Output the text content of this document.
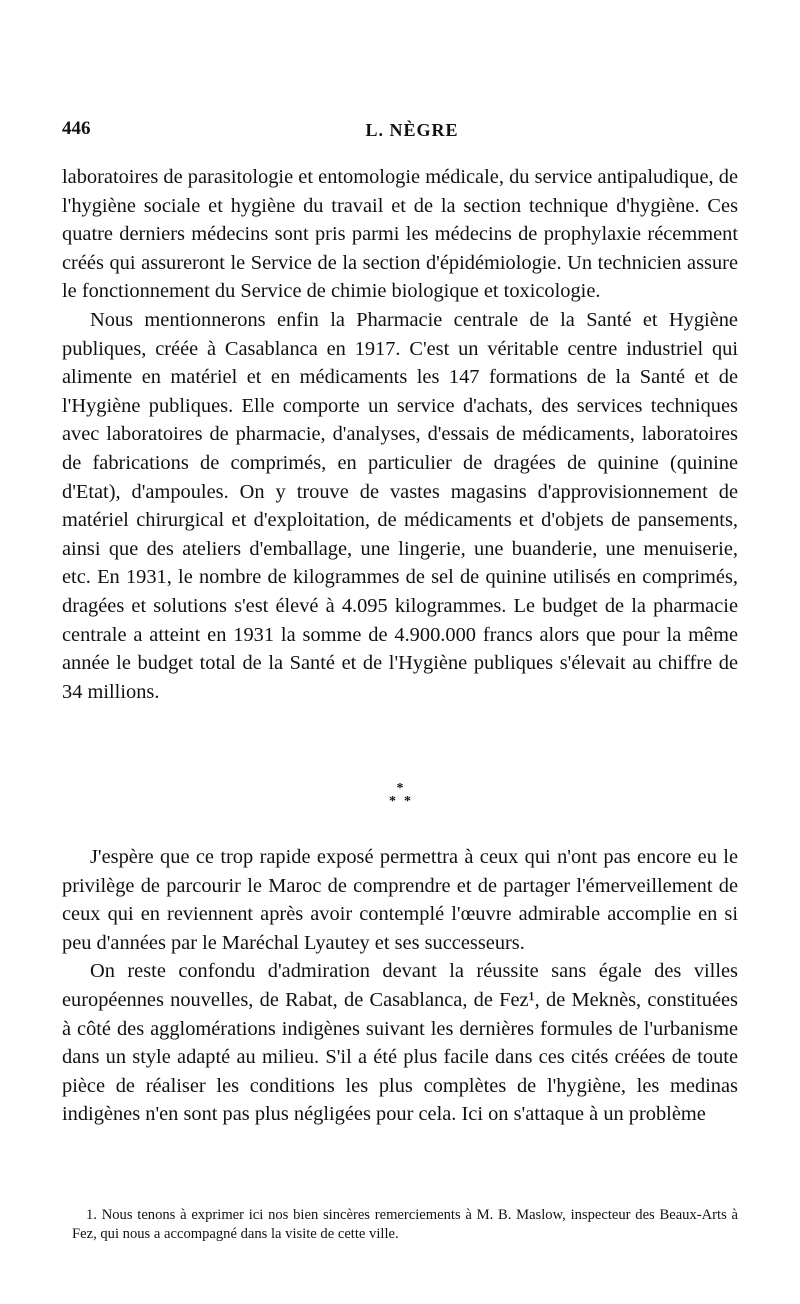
446	L. NÈGRE

laboratoires de parasitologie et entomologie médicale, du service antipaludique, de l'hygiène sociale et hygiène du travail et de la section technique d'hygiène. Ces quatre derniers médecins sont pris parmi les médecins de prophylaxie récemment créés qui assureront le Service de la section d'épidémiologie. Un technicien assure le fonctionnement du Service de chimie biologique et toxicologie.

Nous mentionnerons enfin la Pharmacie centrale de la Santé et Hygiène publiques, créée à Casablanca en 1917. C'est un véritable centre industriel qui alimente en matériel et en médicaments les 147 formations de la Santé et de l'Hygiène publiques. Elle comporte un service d'achats, des services techniques avec laboratoires de pharmacie, d'analyses, d'essais de médicaments, laboratoires de fabrications de comprimés, en particulier de dragées de quinine (quinine d'Etat), d'ampoules. On y trouve de vastes magasins d'approvisionnement de matériel chirurgical et d'exploitation, de médicaments et d'objets de pansements, ainsi que des ateliers d'emballage, une lingerie, une buanderie, une menuiserie, etc. En 1931, le nombre de kilogrammes de sel de quinine utilisés en comprimés, dragées et solutions s'est élevé à 4.095 kilogrammes. Le budget de la pharmacie centrale a atteint en 1931 la somme de 4.900.000 francs alors que pour la même année le budget total de la Santé et de l'Hygiène publiques s'élevait au chiffre de 34 millions.

*
**

J'espère que ce trop rapide exposé permettra à ceux qui n'ont pas encore eu le privilège de parcourir le Maroc de comprendre et de partager l'émerveillement de ceux qui en reviennent après avoir contemplé l'œuvre admirable accomplie en si peu d'années par le Maréchal Lyautey et ses successeurs.

On reste confondu d'admiration devant la réussite sans égale des villes européennes nouvelles, de Rabat, de Casablanca, de Fez¹, de Meknès, constituées à côté des agglomérations indigènes suivant les dernières formules de l'urbanisme dans un style adapté au milieu. S'il a été plus facile dans ces cités créées de toute pièce de réaliser les conditions les plus complètes de l'hygiène, les medinas indigènes n'en sont pas plus négligées pour cela. Ici on s'attaque à un problème

1. Nous tenons à exprimer ici nos bien sincères remerciements à M. B. Maslow, inspecteur des Beaux-Arts à Fez, qui nous a accompagné dans la visite de cette ville.
